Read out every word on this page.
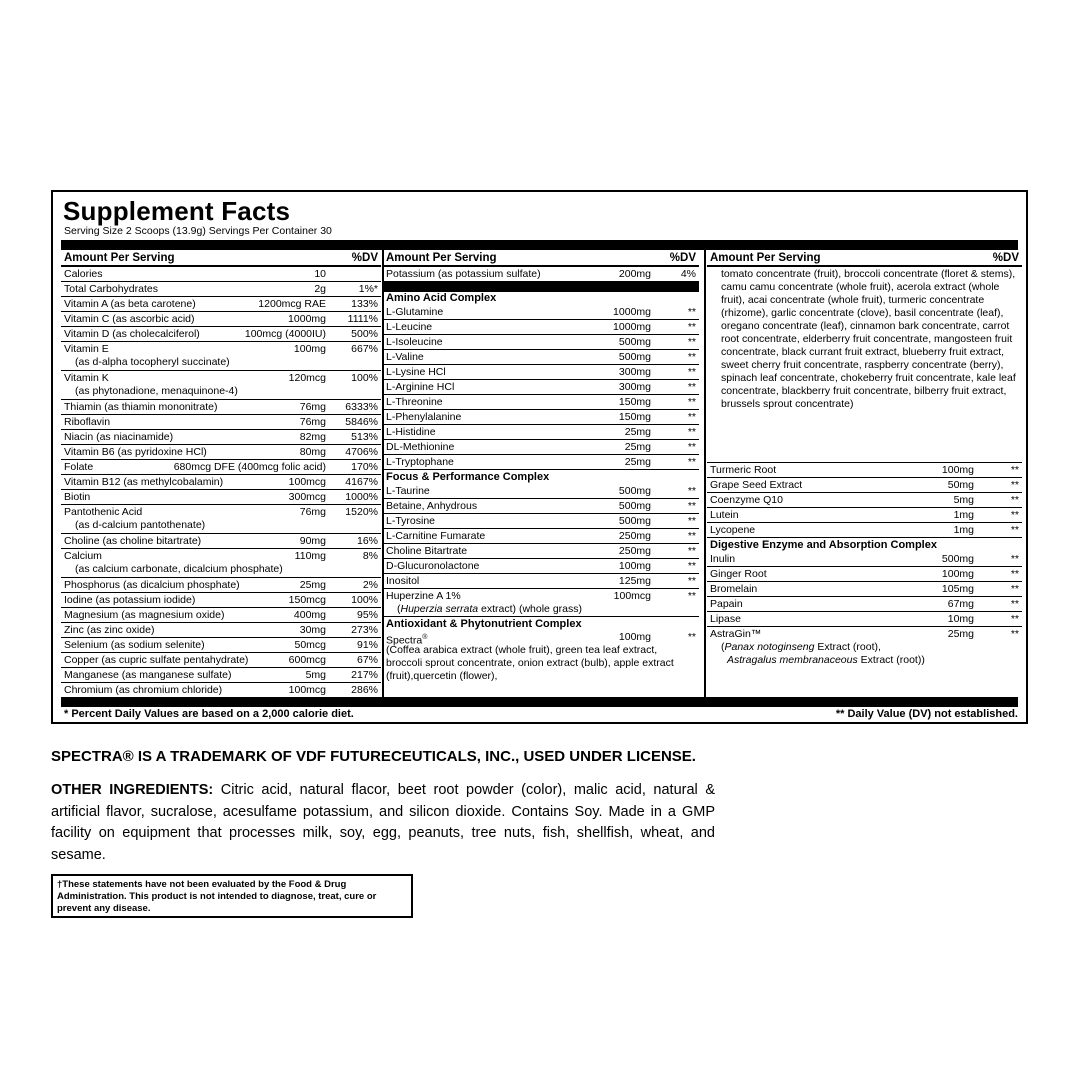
Supplement Facts
Serving Size 2 Scoops (13.9g) Servings Per Container 30
Amount Per Serving	%DV
Calories	10
Total Carbohydrates	2g	1%*
Vitamin A (as beta carotene)	1200mcg RAE 133%
Vitamin C (as ascorbic acid)	1000mg 1111%
Vitamin D (as cholecalciferol)	100mcg (4000IU) 500%
Vitamin E	100mg 667%
(as d-alpha tocopheryl succinate)
Vitamin K	120mcg 100%
(as phytonadione, menaquinone-4)
Thiamin (as thiamin mononitrate)	76mg 6333%
Riboflavin	76mg 5846%
Niacin (as niacinamide)	82mg 513%
Vitamin B6 (as pyridoxine HCl)	80mg 4706%
Folate	680mcg DFE (400mcg folic acid) 170%
Vitamin B12 (as methylcobalamin)	100mcg 4167%
Biotin	300mcg 1000%
Pantothenic Acid	76mg 1520%
(as d-calcium pantothenate)
Choline (as choline bitartrate)	90mg	16%
Calcium	110mg	8%
(as calcium carbonate, dicalcium phosphate)
Phosphorus (as dicalcium phosphate)	25mg	2%
Iodine (as potassium iodide)	150mcg 100%
Magnesium (as magnesium oxide)	400mg	95%
Zinc (as zinc oxide)	30mg 273%
Selenium (as sodium selenite)	50mcg	91%
Copper (as cupric sulfate pentahydrate)	600mcg	67%
Manganese (as manganese sulfate)	5mg 217%
Chromium (as chromium chloride)	100mcg 286%
Amount Per Serving	%DV
Potassium (as potassium sulfate)	200mg	4%
Amino Acid Complex
L-Glutamine	1000mg	**
L-Leucine	1000mg	**
L-Isoleucine	500mg	**
L-Valine	500mg	**
L-Lysine HCl	300mg	**
L-Arginine HCl	300mg	**
L-Threonine	150mg	**
L-Phenylalanine	150mg	**
L-Histidine	25mg	**
DL-Methionine	25mg	**
L-Tryptophane	25mg	**
Focus & Performance Complex
L-Taurine	500mg	**
Betaine, Anhydrous	500mg	**
L-Tyrosine	500mg	**
L-Carnitine Fumarate	250mg	**
Choline Bitartrate	250mg	**
D-Glucuronolactone	100mg	**
Inositol	125mg	**
Huperzine A 1%	100mcg	**
(Huperzia serrata extract) (whole grass)
Antioxidant & Phytonutrient Complex
Spectra®	100mg	**
(Coffea arabica extract (whole fruit), green tea leaf extract, broccoli sprout concentrate, onion extract (bulb), apple extract (fruit),quercetin (flower),
Amount Per Serving	%DV
tomato concentrate (fruit), broccoli concentrate (floret & stems), camu camu concentrate (whole fruit), acerola extract (whole fruit), acai concentrate (whole fruit), turmeric concentrate (rhizome), garlic concentrate (clove), basil concentrate (leaf), oregano concentrate (leaf), cinnamon bark concentrate, carrot root concentrate, elderberry fruit concentrate, mangosteen fruit concentrate, black currant fruit extract, blueberry fruit extract, sweet cherry fruit concentrate, raspberry concentrate (berry), spinach leaf concentrate, chokeberry fruit concentrate, kale leaf concentrate, blackberry fruit concentrate, bilberry fruit extract, brussels sprout concentrate)
Turmeric Root	100mg	**
Grape Seed Extract	50mg	**
Coenzyme Q10	5mg	**
Lutein	1mg	**
Lycopene	1mg	**
Digestive Enzyme and Absorption Complex
Inulin	500mg	**
Ginger Root	100mg	**
Bromelain	105mg	**
Papain	67mg	**
Lipase	10mg	**
AstraGin™	25mg	**
(Panax notoginseng Extract (root),
Astragalus membranaceous Extract (root))
* Percent Daily Values are based on a 2,000 calorie diet.	** Daily Value (DV) not established.
SPECTRA® IS A TRADEMARK OF VDF FUTURECEUTICALS, INC., USED UNDER LICENSE.
OTHER INGREDIENTS: Citric acid, natural flacor, beet root powder (color), malic acid, natural & artificial flavor, sucralose, acesulfame potassium, and silicon dioxide. Contains Soy. Made in a GMP facility on equipment that processes milk, soy, egg, peanuts, tree nuts, fish, shellfish, wheat, and sesame.
†These statements have not been evaluated by the Food & Drug Administration. This product is not intended to diagnose, treat, cure or prevent any disease.
